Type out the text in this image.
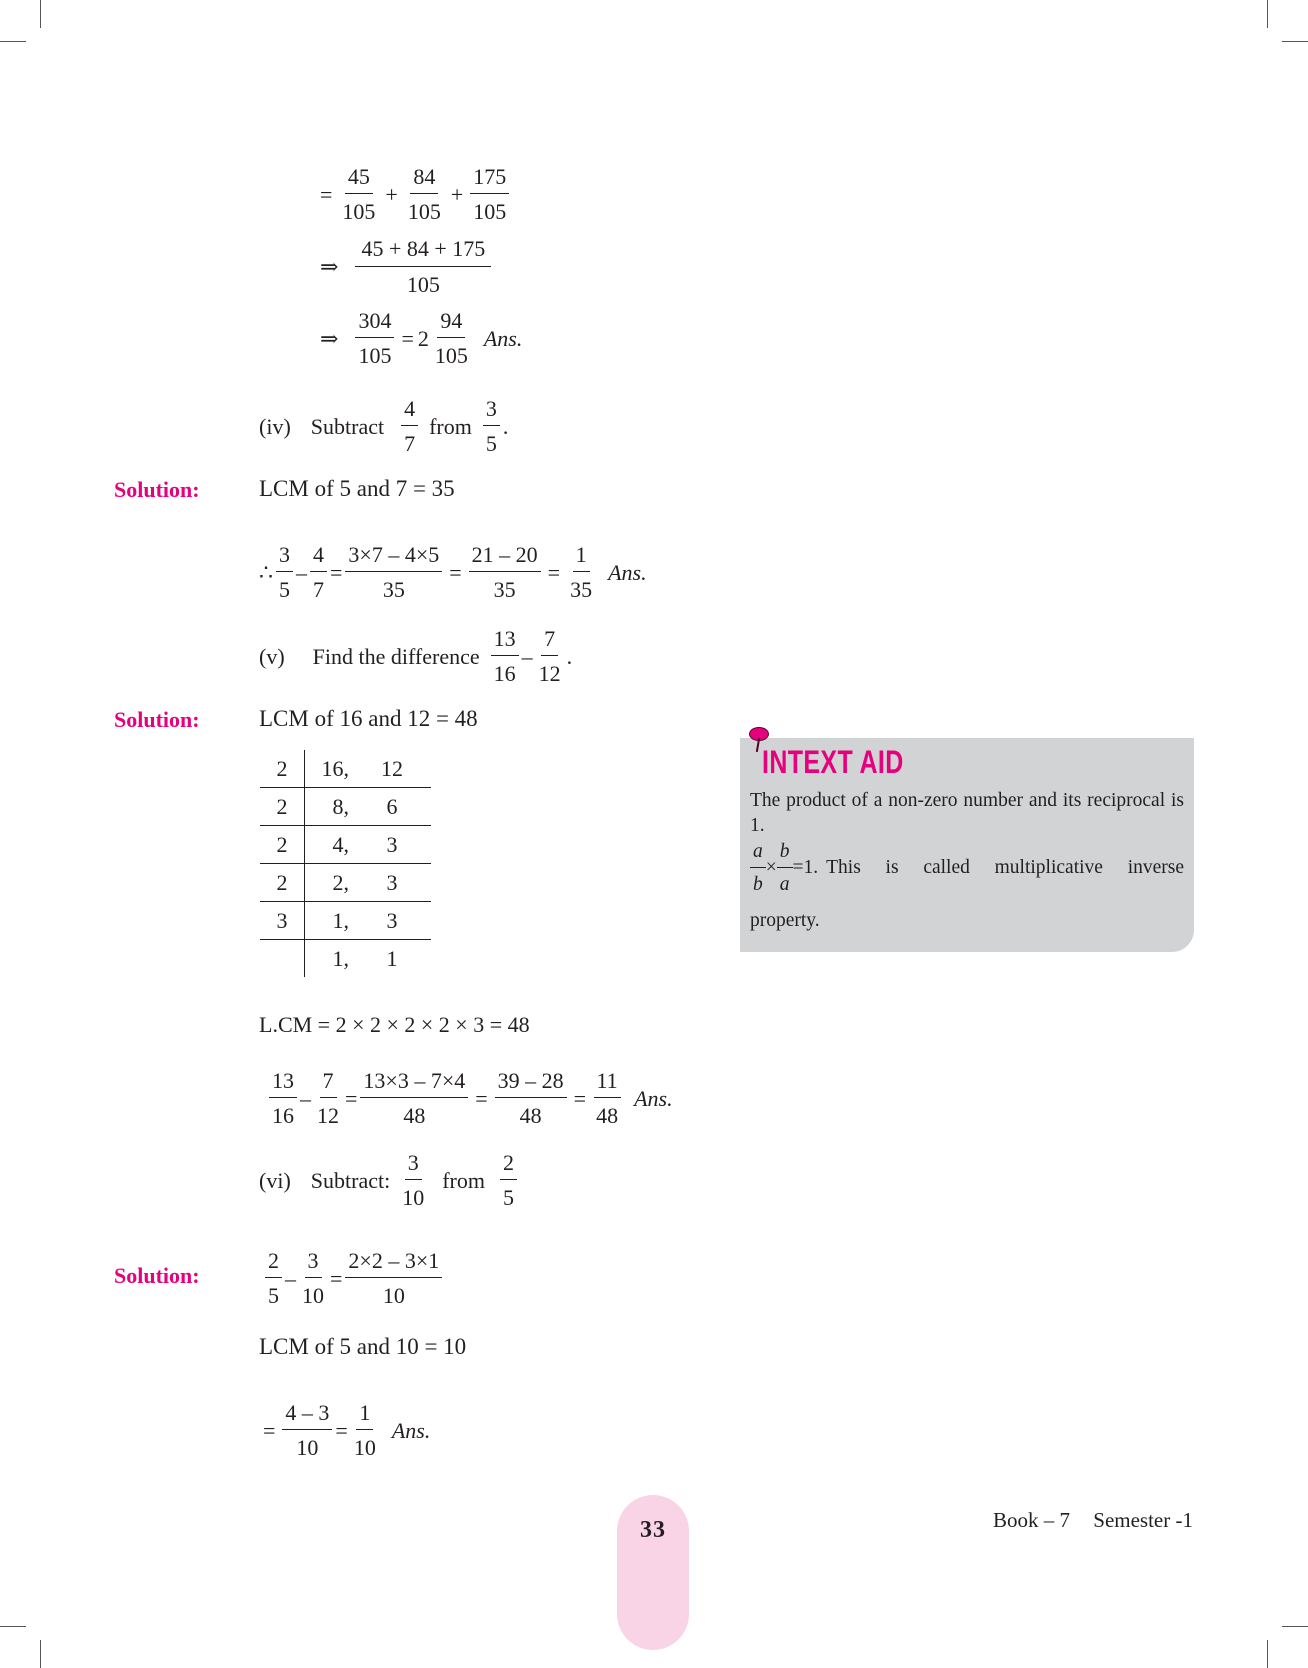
= $\frac{45}{105} + \frac{84}{105} + \frac{175}{105}$
⇒ $\frac{45 + 84 + 175}{105}$
⇒ $\frac{304}{105} = 2 \frac{94}{105}$ Ans.
(iv) Subtract $\frac{4}{7}$ from $\frac{3}{5}$ .
Solution:	LCM of 5 and 7 = 35
∴ $\frac{3}{5} - \frac{4}{7} = \frac{3\times 7 - 4\times 5}{35} = \frac{21 - 20}{35} = \frac{1}{35}$ Ans.
(v) Find the difference $\frac{13}{16} - \frac{7}{12}$ .
Solution:	LCM of 16 and 12 = 48
2	16,	12
2	8,	6
2	4,	3
2	2,	3
3	1,	3
	1,	1
L.CM = 2 × 2 × 2 × 2 × 3 = 48
$\frac{13}{16} - \frac{7}{12} = \frac{13\times 3 - 7\times 4}{48} = \frac{39 - 28}{48} = \frac{11}{48}$ Ans.
(vi) Subtract: $\frac{3}{10}$ from $\frac{2}{5}$
Solution:	$\frac{2}{5} - \frac{3}{10} = \frac{2\times 2 - 3\times 1}{10}$
LCM of 5 and 10 = 10
= $\frac{4 - 3}{10} = \frac{1}{10}$ Ans.
INTEXT AID
The product of a non-zero number and its reciprocal is 1.
$\frac{a}{b} \times \frac{b}{a} =1$. This is called multiplicative inverse
property.
33	Book – 7 Semester -1
